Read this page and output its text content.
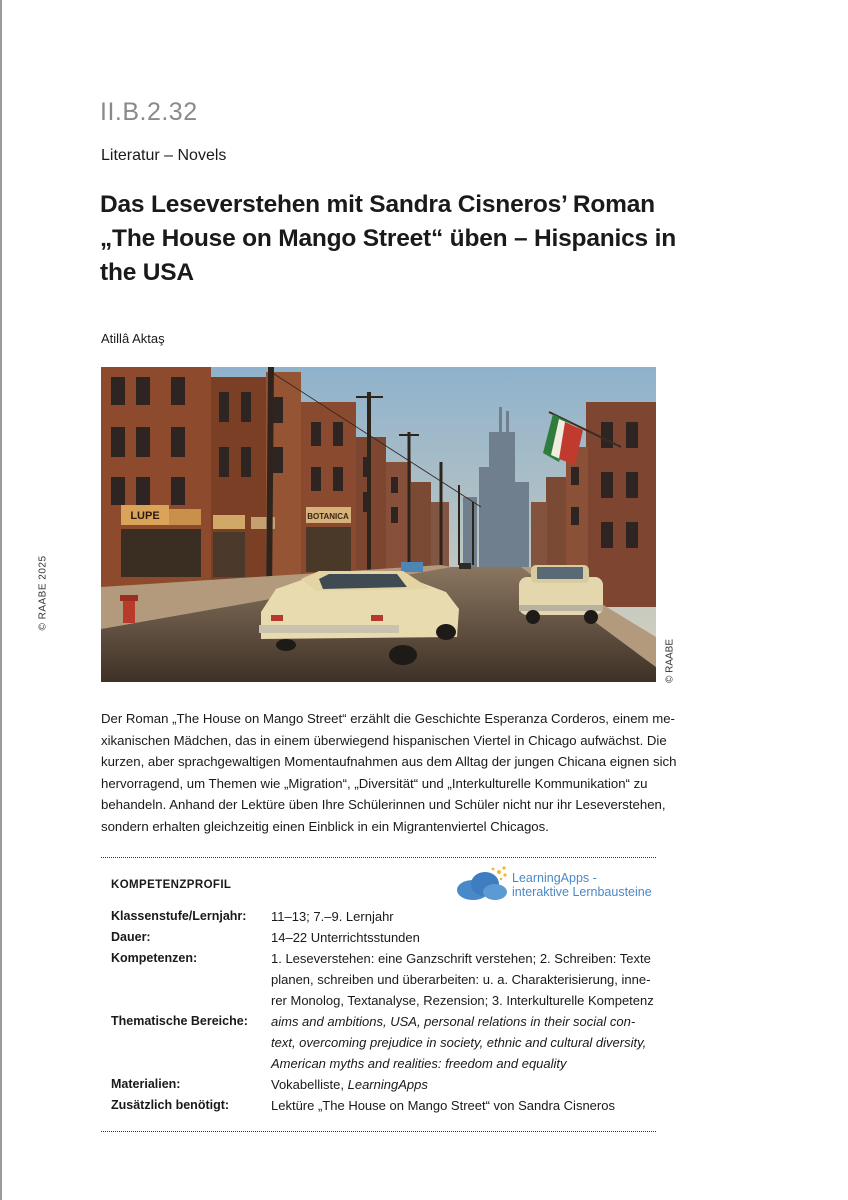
© RAABE 2025
II.B.2.32
Literatur – Novels
Das Leseverstehen mit Sandra Cisneros’ Roman
„The House on Mango Street“ üben – Hispanics in
the USA
Atillâ Aktaş
LUPE	BOTANICA
© RAABE
Der Roman „The House on Mango Street“ erzählt die Geschichte Esperanza Corderos, einem me-
xikanischen Mädchen, das in einem überwiegend hispanischen Viertel in Chicago aufwächst. Die
kurzen, aber sprachgewaltigen Momentaufnahmen aus dem Alltag der jungen Chicana eignen sich
hervorragend, um Themen wie „Migration“, „Diversität“ und „Interkulturelle Kommunikation“ zu
behandeln. Anhand der Lektüre üben Ihre Schülerinnen und Schüler nicht nur ihr Leseverstehen,
sondern erhalten gleichzeitig einen Einblick in ein Migrantenviertel Chicagos.
KOMPETENZPROFIL	LearningApps -
interaktive Lernbausteine
Klassenstufe/Lernjahr:	11–13; 7.–9. Lernjahr
Dauer:	14–22 Unterrichtsstunden
Kompetenzen:	1. Leseverstehen: eine Ganzschrift verstehen; 2. Schreiben: Texte
planen, schreiben und überarbeiten: u. a. Charakterisierung, inne-
rer Monolog, Textanalyse, Rezension; 3. Interkulturelle Kompetenz
Thematische Bereiche:	aims and ambitions, USA, personal relations in their social con-
text, overcoming prejudice in society, ethnic and cultural diversity,
American myths and realities: freedom and equality
Materialien:	Vokabelliste, LearningApps
Zusätzlich benötigt:	Lektüre „The House on Mango Street“ von Sandra Cisneros
